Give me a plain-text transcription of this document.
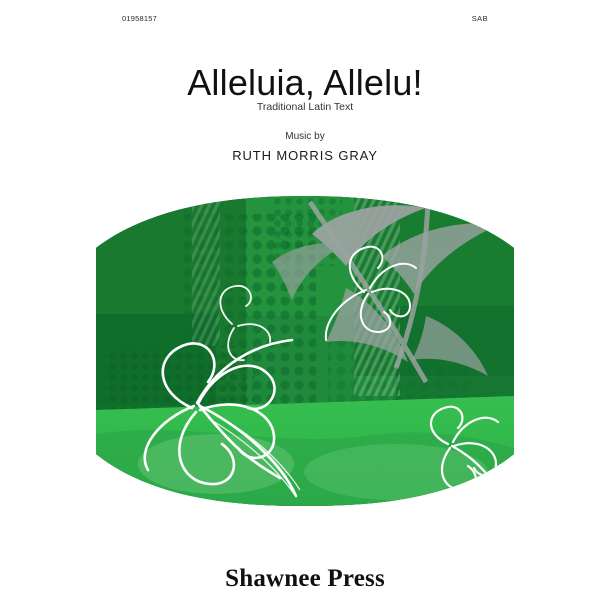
01958157	SAB
Alleluia, Allelu!
Traditional Latin Text
Music by
RUTH MORRIS GRAY
Shawnee Press
